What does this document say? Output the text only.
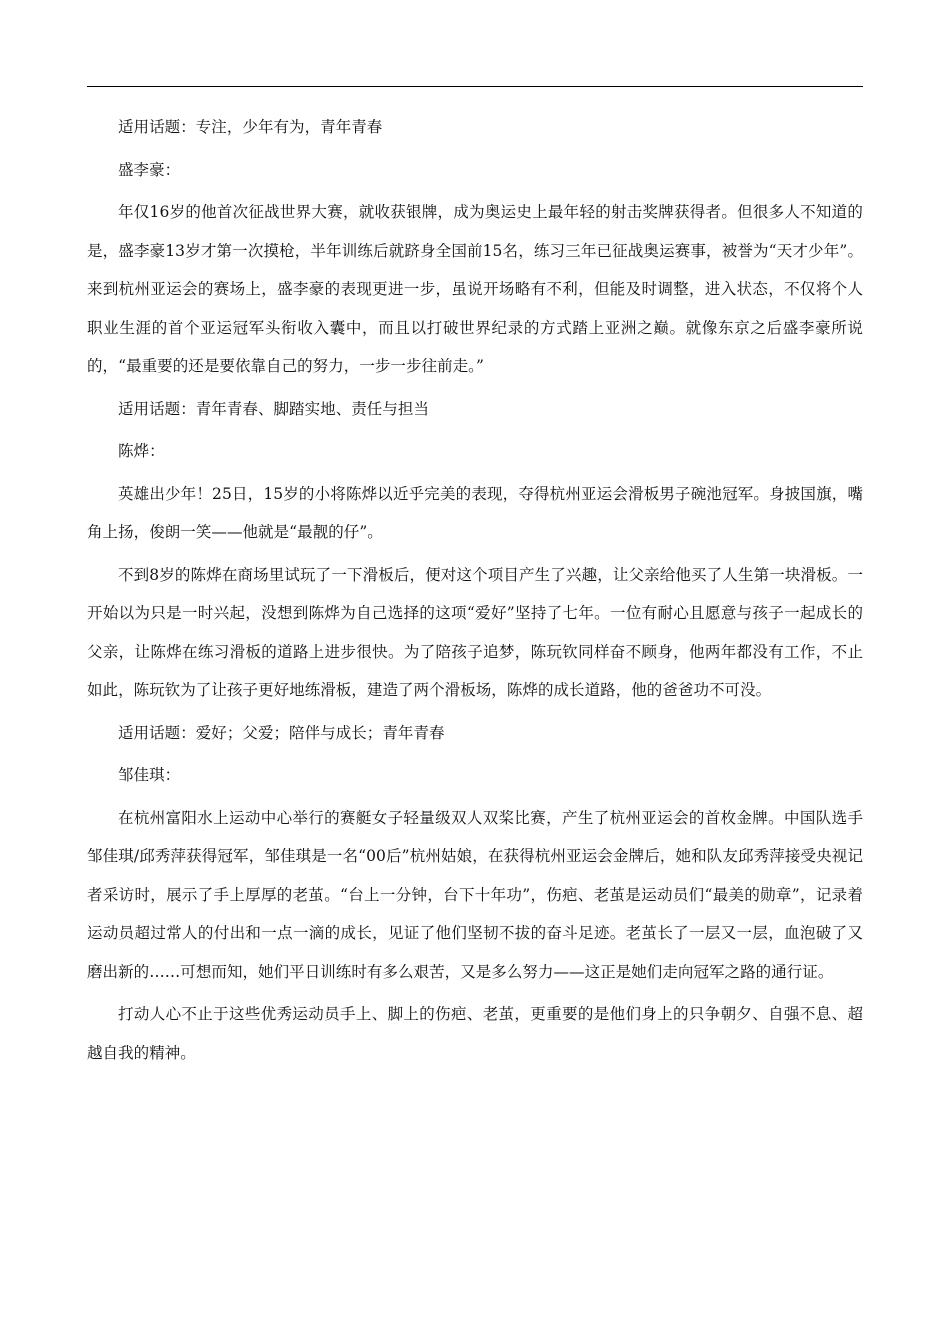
适用话题：专注，少年有为，青年青春

盛李豪：

年仅16岁的他首次征战世界大赛，就收获银牌，成为奥运史上最年轻的射击奖牌获得者。但很多人不知道的是，盛李豪13岁才第一次摸枪，半年训练后就跻身全国前15名，练习三年已征战奥运赛事，被誉为“天才少年”。来到杭州亚运会的赛场上，盛李豪的表现更进一步，虽说开场略有不利，但能及时调整，进入状态，不仅将个人职业生涯的首个亚运冠军头衔收入囊中，而且以打破世界纪录的方式踏上亚洲之巅。就像东京之后盛李豪所说的，“最重要的还是要依靠自己的努力，一步一步往前走。”

适用话题：青年青春、脚踏实地、责任与担当

陈烨：

英雄出少年！25日，15岁的小将陈烨以近乎完美的表现，夺得杭州亚运会滑板男子碗池冠军。身披国旗，嘴角上扬，俊朗一笑——他就是“最靓的仔”。

不到8岁的陈烨在商场里试玩了一下滑板后，便对这个项目产生了兴趣，让父亲给他买了人生第一块滑板。一开始以为只是一时兴起，没想到陈烨为自己选择的这项“爱好”坚持了七年。一位有耐心且愿意与孩子一起成长的父亲，让陈烨在练习滑板的道路上进步很快。为了陪孩子追梦，陈玩钦同样奋不顾身，他两年都没有工作，不止如此，陈玩钦为了让孩子更好地练滑板，建造了两个滑板场，陈烨的成长道路，他的爸爸功不可没。

适用话题：爱好；父爱；陪伴与成长；青年青春

邹佳琪：

在杭州富阳水上运动中心举行的赛艇女子轻量级双人双桨比赛，产生了杭州亚运会的首枚金牌。中国队选手邹佳琪/邱秀萍获得冠军，邹佳琪是一名“00后”杭州姑娘，在获得杭州亚运会金牌后，她和队友邱秀萍接受央视记者采访时，展示了手上厚厚的老茧。“台上一分钟，台下十年功”，伤疤、老茧是运动员们“最美的勋章”，记录着运动员超过常人的付出和一点一滴的成长，见证了他们坚韧不拔的奋斗足迹。老茧长了一层又一层，血泡破了又磨出新的……可想而知，她们平日训练时有多么艰苦，又是多么努力——这正是她们走向冠军之路的通行证。

打动人心不止于这些优秀运动员手上、脚上的伤疤、老茧，更重要的是他们身上的只争朝夕、自强不息、超越自我的精神。
